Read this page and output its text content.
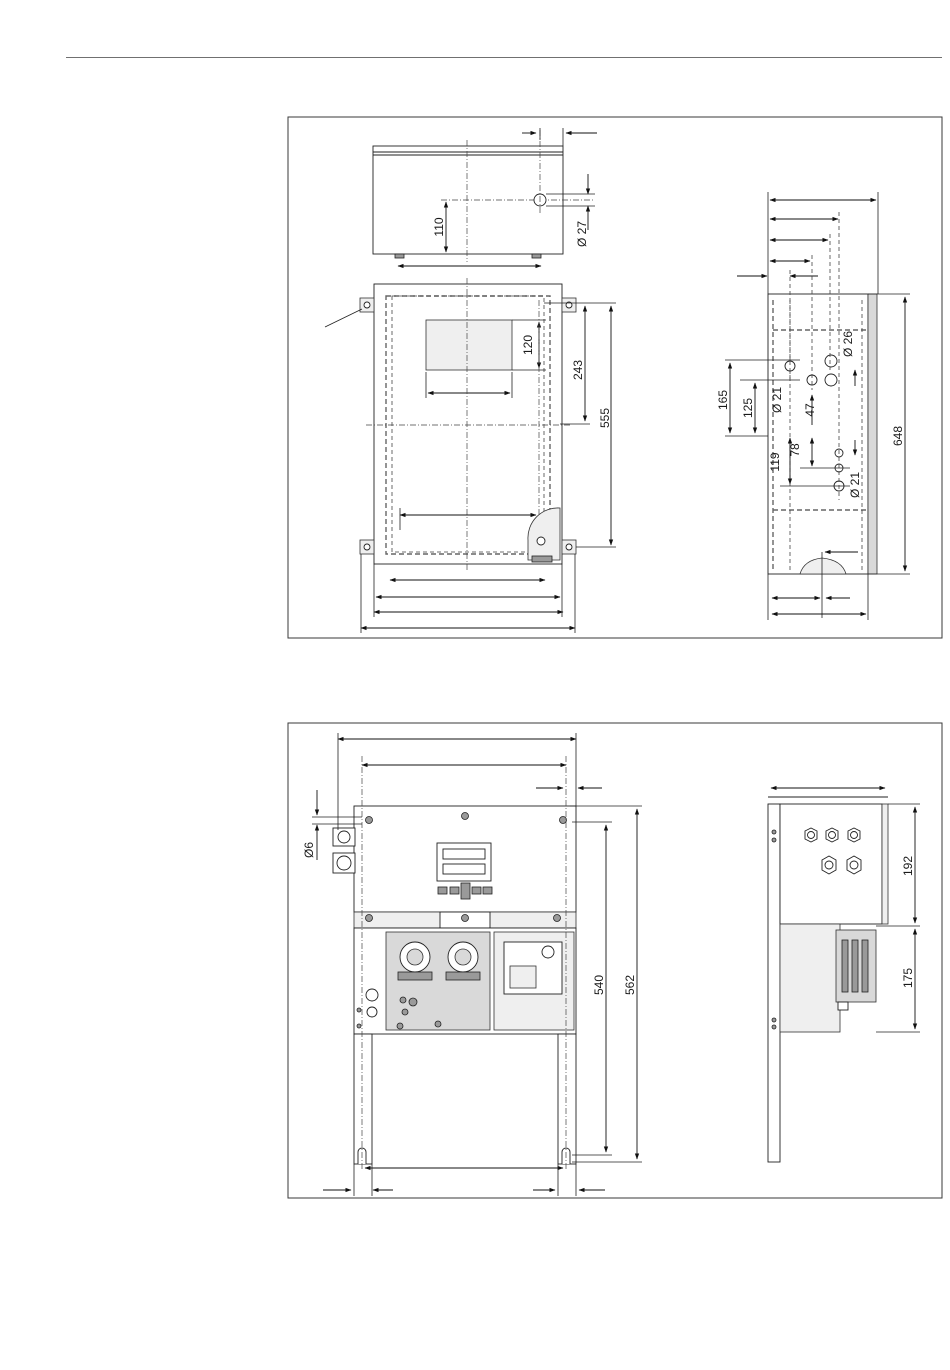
110	Ø 27
120
243
555
165 125 Ø 21
Ø 26
47
119
78
Ø 21
648
Ø6
540 562
192
175
